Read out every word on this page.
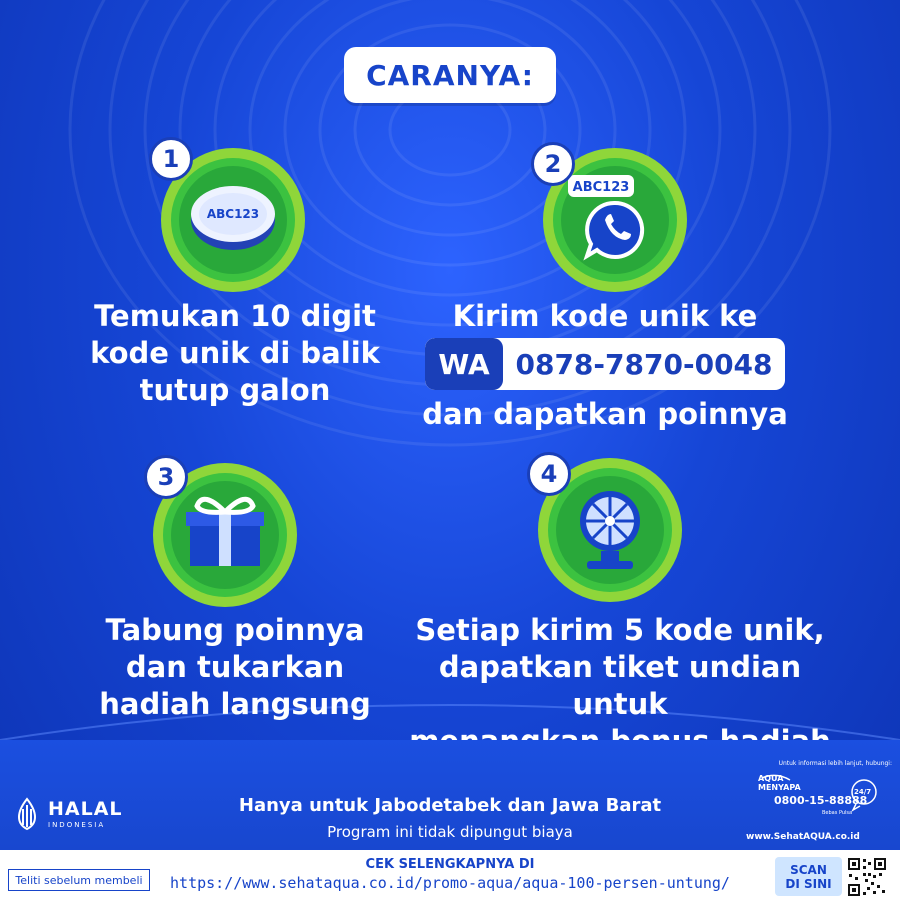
CARANYA:
ABC123
1
Temukan 10 digit
kode unik di balik
tutup galon
ABC123
2
Kirim kode unik ke
WA 0878-7870-0048
dan dapatkan poinnya
3
Tabung poinnya
dan tukarkan
hadiah langsung
4
Setiap kirim 5 kode unik,
dapatkan tiket undian untuk
HALAL
INDONESIA
Hanya untuk Jabodetabek dan Jawa Barat
Program ini tidak dipungut biaya
Untuk informasi lebih lanjut, hubungi:
AQUA MENYAPA	24/7
0800-15-88888
Bebas Pulsa
www.SehatAQUA.co.id
Teliti sebelum membeli
CEK SELENGKAPNYA DI
https://www.sehataqua.co.id/promo-aqua/aqua-100-persen-untung/
SCAN
DI SINI
